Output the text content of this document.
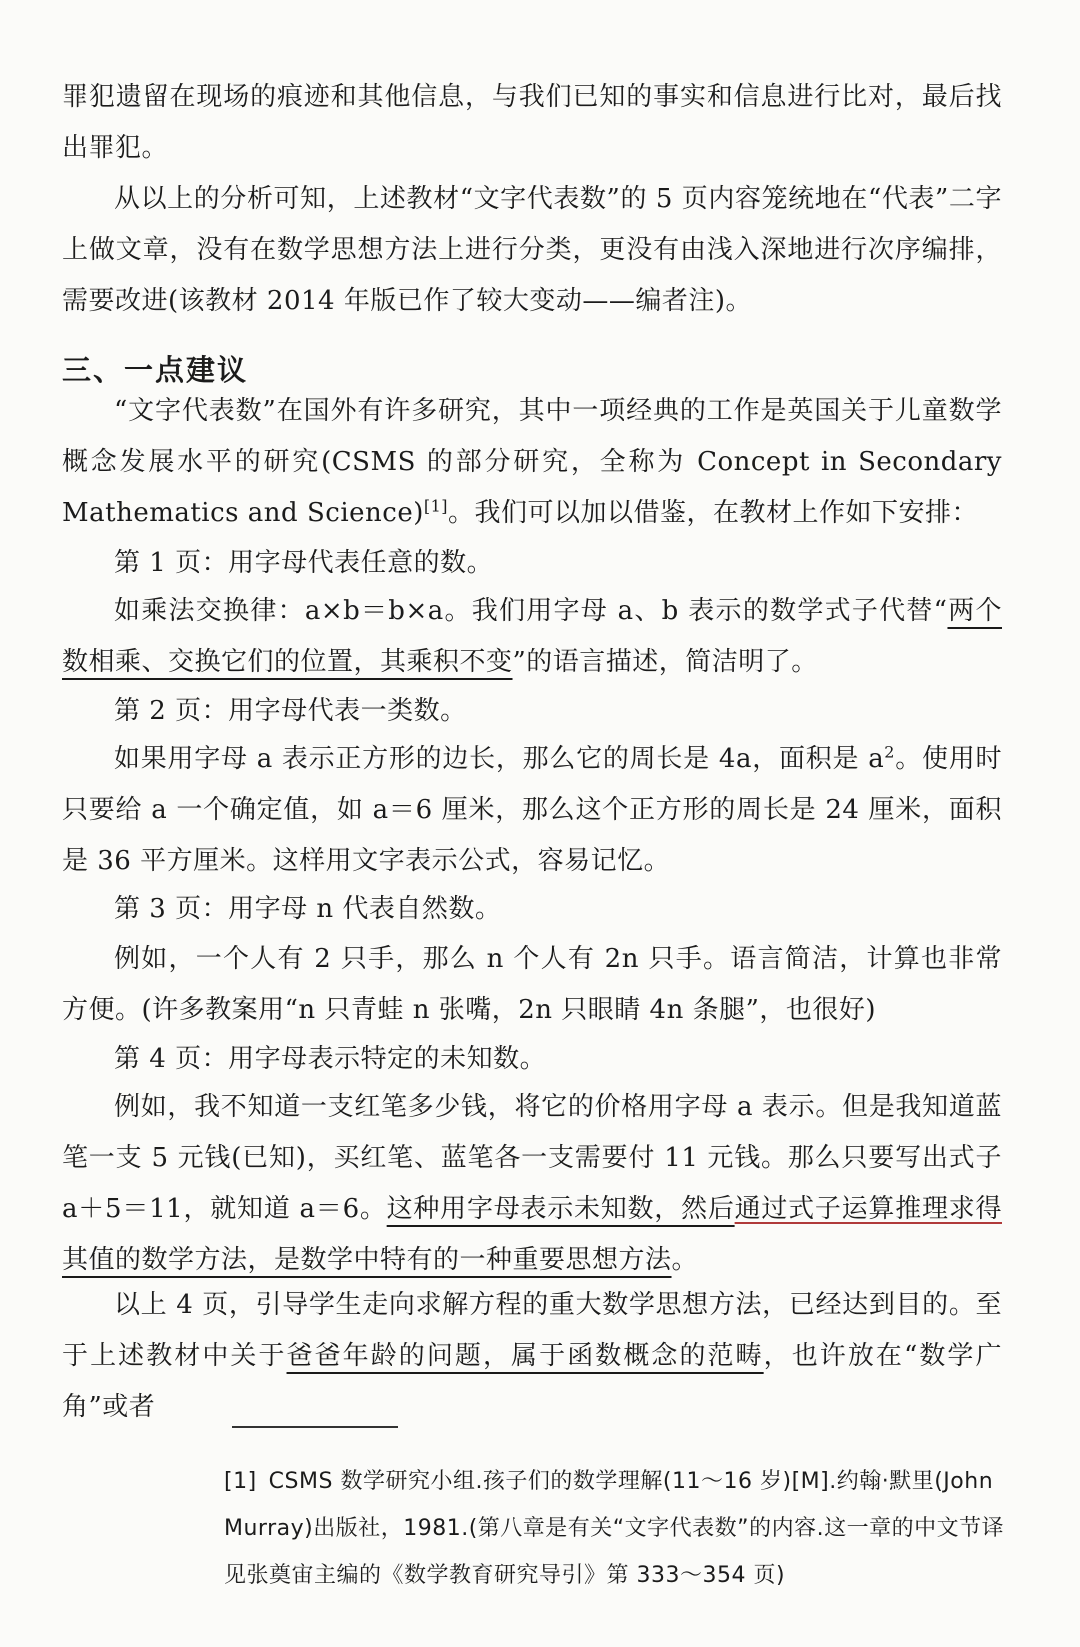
罪犯遗留在现场的痕迹和其他信息，与我们已知的事实和信息进行比对，最后找出罪犯。

从以上的分析可知，上述教材“文字代表数”的 5 页内容笼统地在“代表”二字上做文章，没有在数学思想方法上进行分类，更没有由浅入深地进行次序编排，需要改进(该教材 2014 年版已作了较大变动——编者注)。

三、一点建议

“文字代表数”在国外有许多研究，其中一项经典的工作是英国关于儿童数学概念发展水平的研究(CSMS 的部分研究，全称为 Concept in Secondary Mathematics and Science)[1]。我们可以加以借鉴，在教材上作如下安排：

第 1 页：用字母代表任意的数。

如乘法交换律：a×b＝b×a。我们用字母 a、b 表示的数学式子代替“两个数相乘、交换它们的位置，其乘积不变”的语言描述，简洁明了。

第 2 页：用字母代表一类数。

如果用字母 a 表示正方形的边长，那么它的周长是 4a，面积是 $a^2$。使用时只要给 a 一个确定值，如 a＝6 厘米，那么这个正方形的周长是 24 厘米，面积是 36 平方厘米。这样用文字表示公式，容易记忆。

第 3 页：用字母 n 代表自然数。

例如，一个人有 2 只手，那么 n 个人有 2n 只手。语言简洁，计算也非常方便。(许多教案用“n 只青蛙 n 张嘴，2n 只眼睛 4n 条腿”，也很好)

第 4 页：用字母表示特定的未知数。

例如，我不知道一支红笔多少钱，将它的价格用字母 a 表示。但是我知道蓝笔一支 5 元钱(已知)，买红笔、蓝笔各一支需要付 11 元钱。那么只要写出式子 a＋5＝11，就知道 a＝6。这种用字母表示未知数，然后通过式子运算推理求得其值的数学方法，是数学中特有的一种重要思想方法。

以上 4 页，引导学生走向求解方程的重大数学思想方法，已经达到目的。至于上述教材中关于爸爸年龄的问题，属于函数概念的范畴，也许放在“数学广角”或者

[1] CSMS 数学研究小组.孩子们的数学理解(11～16 岁)[M].约翰·默里(John Murray)出版社，1981.(第八章是有关“文字代表数”的内容.这一章的中文节译见张奠宙主编的《数学教育研究导引》第 333～354 页)
